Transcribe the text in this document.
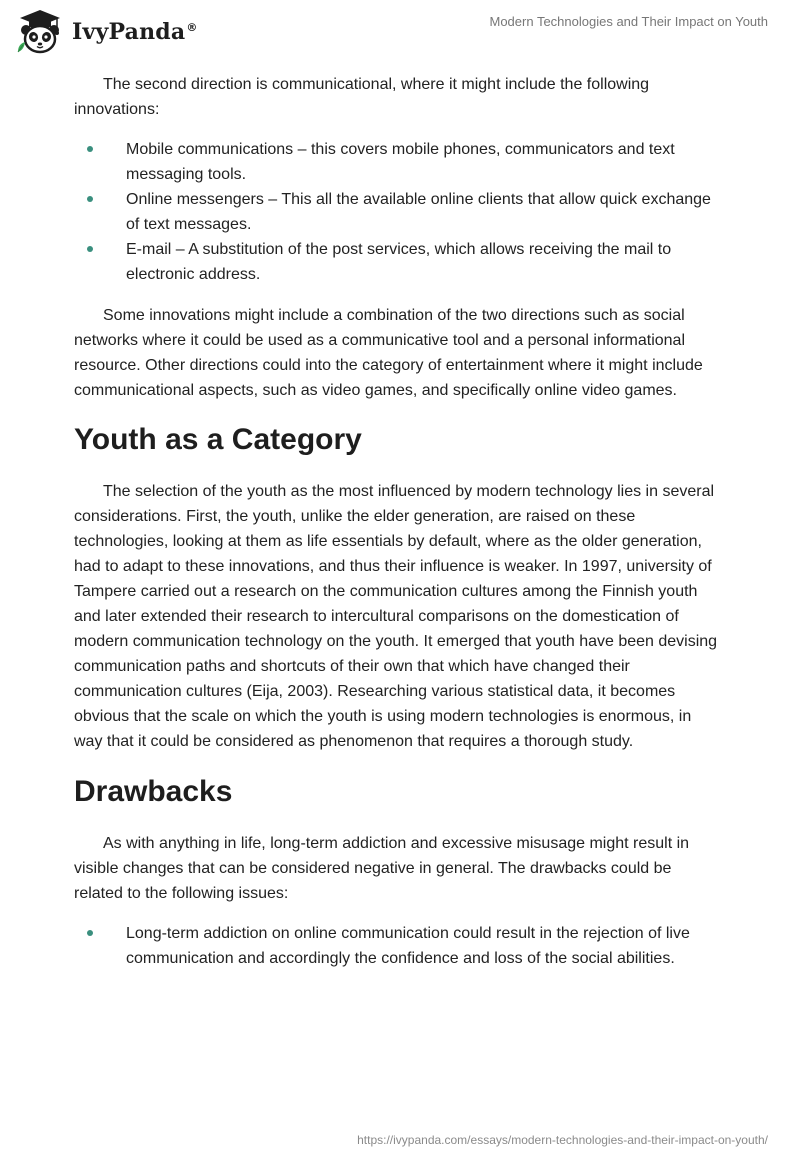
IvyPanda®	Modern Technologies and Their Impact on Youth

The second direction is communicational, where it might include the following innovations:

Mobile communications – this covers mobile phones, communicators and text messaging tools.
Online messengers – This all the available online clients that allow quick exchange of text messages.
E-mail – A substitution of the post services, which allows receiving the mail to electronic address.

Some innovations might include a combination of the two directions such as social networks where it could be used as a communicative tool and a personal informational resource. Other directions could into the category of entertainment where it might include communicational aspects, such as video games, and specifically online video games.

Youth as a Category

The selection of the youth as the most influenced by modern technology lies in several considerations. First, the youth, unlike the elder generation, are raised on these technologies, looking at them as life essentials by default, where as the older generation, had to adapt to these innovations, and thus their influence is weaker. In 1997, university of Tampere carried out a research on the communication cultures among the Finnish youth and later extended their research to intercultural comparisons on the domestication of modern communication technology on the youth. It emerged that youth have been devising communication paths and shortcuts of their own that which have changed their communication cultures (Eija, 2003). Researching various statistical data, it becomes obvious that the scale on which the youth is using modern technologies is enormous, in way that it could be considered as phenomenon that requires a thorough study.

Drawbacks

As with anything in life, long-term addiction and excessive misusage might result in visible changes that can be considered negative in general. The drawbacks could be related to the following issues:

Long-term addiction on online communication could result in the rejection of live communication and accordingly the confidence and loss of the social abilities.
https://ivypanda.com/essays/modern-technologies-and-their-impact-on-youth/
